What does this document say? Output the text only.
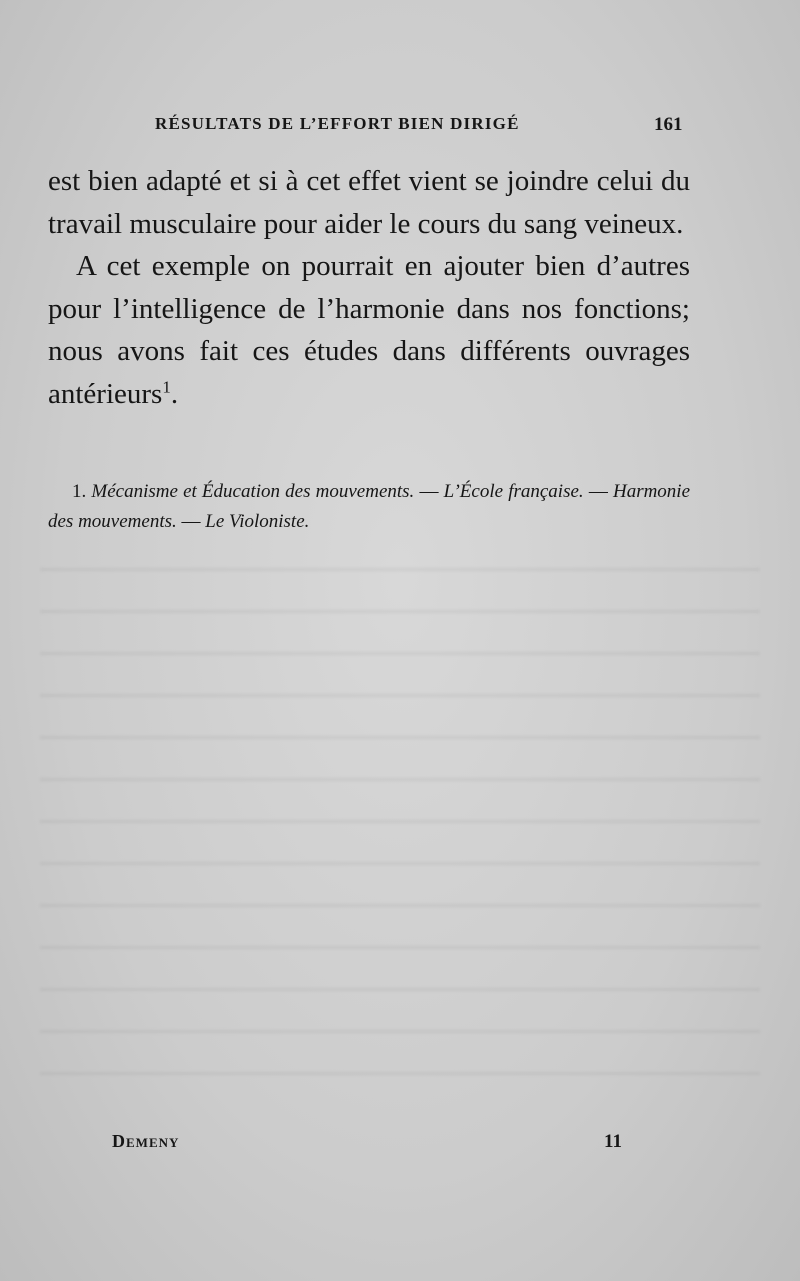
RÉSULTATS DE L’EFFORT BIEN DIRIGÉ	161

est bien adapté et si à cet effet vient se joindre celui du travail musculaire pour aider le cours du sang veineux.

A cet exemple on pourrait en ajouter bien d’autres pour l’intelligence de l’harmonie dans nos fonctions; nous avons fait ces études dans différents ouvrages antérieurs$^1$.

1. Mécanisme et Éducation des mouvements. — L’École française. — Harmonie des mouvements. — Le Violoniste.
Demeny	11
